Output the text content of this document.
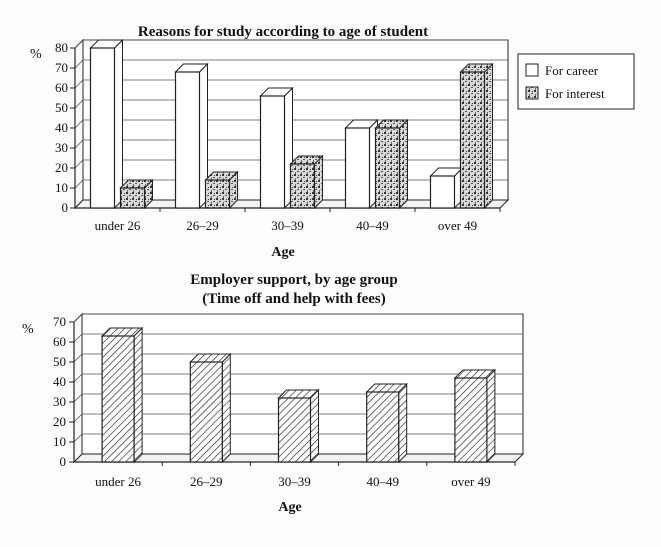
Reasons for study according to age of student
%
Age
For career
For interest
Employer support, by age group
(Time off and help with fees)
%
Age
0
10
20
30
40
50
60
70
80
under 26	26–29	30–39	40–49	over 49
0
10
20
30
40
50
60
70
under 26	26–29	30–39	40–49	over 49
